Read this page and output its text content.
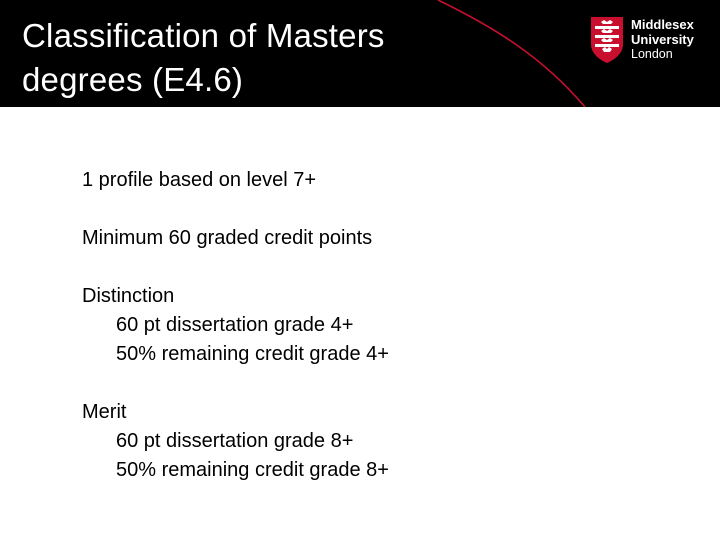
Classification of Masters
degrees (E4.6)
Middlesex
University
London

1 profile based on level 7+

Minimum 60 graded credit points

Distinction
60 pt dissertation grade 4+
50% remaining credit grade 4+

Merit
60 pt dissertation grade 8+
50% remaining credit grade 8+
